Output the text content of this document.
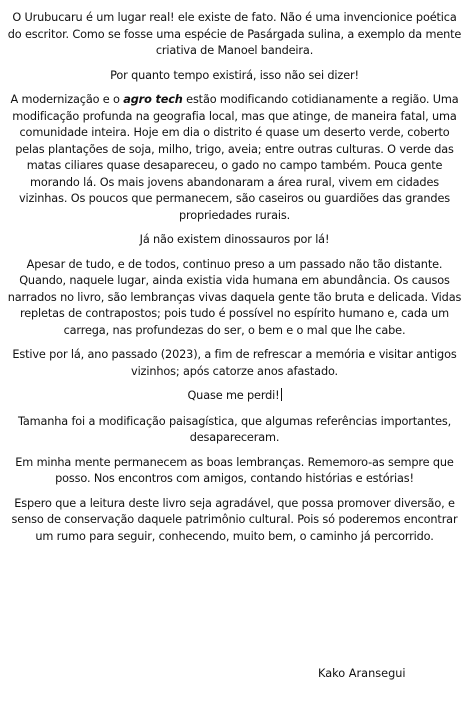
O Urubucaru é um lugar real! ele existe de fato. Não é uma invencionice poética do escritor. Como se fosse uma espécie de Pasárgada sulina, a exemplo da mente criativa de Manoel bandeira.

Por quanto tempo existirá, isso não sei dizer!

A modernização e o agro tech estão modificando cotidianamente a região. Uma modificação profunda na geografia local, mas que atinge, de maneira fatal, uma comunidade inteira. Hoje em dia o distrito é quase um deserto verde, coberto pelas plantações de soja, milho, trigo, aveia; entre outras culturas. O verde das matas ciliares quase desapareceu, o gado no campo também. Pouca gente morando lá. Os mais jovens abandonaram a área rural, vivem em cidades vizinhas. Os poucos que permanecem, são caseiros ou guardiões das grandes propriedades rurais.

Já não existem dinossauros por lá!

Apesar de tudo, e de todos, continuo preso a um passado não tão distante. Quando, naquele lugar, ainda existia vida humana em abundância. Os causos narrados no livro, são lembranças vivas daquela gente tão bruta e delicada. Vidas repletas de contrapostos; pois tudo é possível no espírito humano e, cada um carrega, nas profundezas do ser, o bem e o mal que lhe cabe.

Estive por lá, ano passado (2023), a fim de refrescar a memória e visitar antigos vizinhos; após catorze anos afastado.

Quase me perdi!

Tamanha foi a modificação paisagística, que algumas referências importantes, desapareceram.

Em minha mente permanecem as boas lembranças. Rememoro-as sempre que posso. Nos encontros com amigos, contando histórias e estórias!

Espero que a leitura deste livro seja agradável, que possa promover diversão, e senso de conservação daquele patrimônio cultural. Pois só poderemos encontrar um rumo para seguir, conhecendo, muito bem, o caminho já percorrido.

Kako Aransegui
